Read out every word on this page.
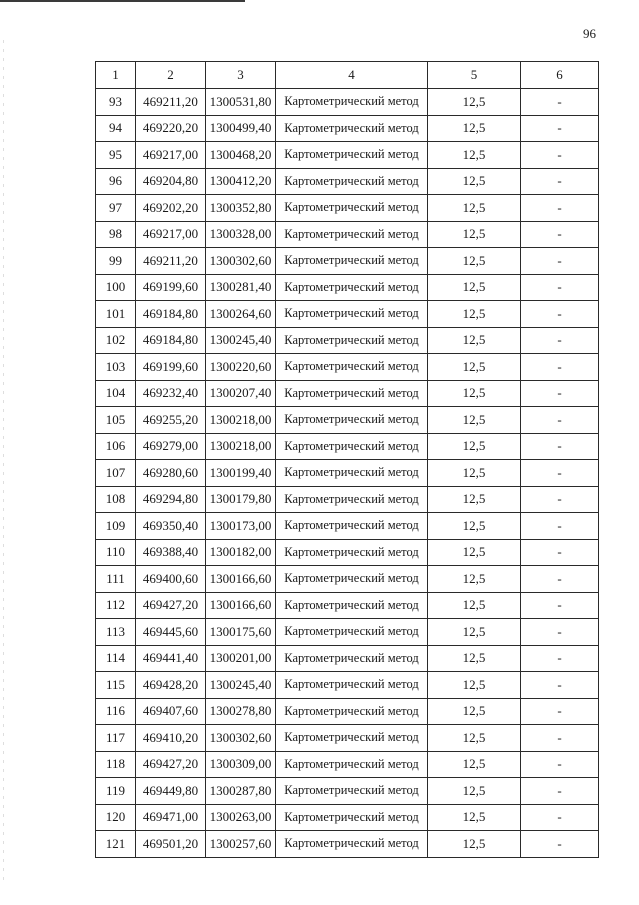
96
1	2	3	4	5	6
93	469211,20	1300531,80	Картометрический метод	12,5	-
94	469220,20	1300499,40	Картометрический метод	12,5	-
95	469217,00	1300468,20	Картометрический метод	12,5	-
96	469204,80	1300412,20	Картометрический метод	12,5	-
97	469202,20	1300352,80	Картометрический метод	12,5	-
98	469217,00	1300328,00	Картометрический метод	12,5	-
99	469211,20	1300302,60	Картометрический метод	12,5	-
100	469199,60	1300281,40	Картометрический метод	12,5	-
101	469184,80	1300264,60	Картометрический метод	12,5	-
102	469184,80	1300245,40	Картометрический метод	12,5	-
103	469199,60	1300220,60	Картометрический метод	12,5	-
104	469232,40	1300207,40	Картометрический метод	12,5	-
105	469255,20	1300218,00	Картометрический метод	12,5	-
106	469279,00	1300218,00	Картометрический метод	12,5	-
107	469280,60	1300199,40	Картометрический метод	12,5	-
108	469294,80	1300179,80	Картометрический метод	12,5	-
109	469350,40	1300173,00	Картометрический метод	12,5	-
110	469388,40	1300182,00	Картометрический метод	12,5	-
111	469400,60	1300166,60	Картометрический метод	12,5	-
112	469427,20	1300166,60	Картометрический метод	12,5	-
113	469445,60	1300175,60	Картометрический метод	12,5	-
114	469441,40	1300201,00	Картометрический метод	12,5	-
115	469428,20	1300245,40	Картометрический метод	12,5	-
116	469407,60	1300278,80	Картометрический метод	12,5	-
117	469410,20	1300302,60	Картометрический метод	12,5	-
118	469427,20	1300309,00	Картометрический метод	12,5	-
119	469449,80	1300287,80	Картометрический метод	12,5	-
120	469471,00	1300263,00	Картометрический метод	12,5	-
121	469501,20	1300257,60	Картометрический метод	12,5	-
